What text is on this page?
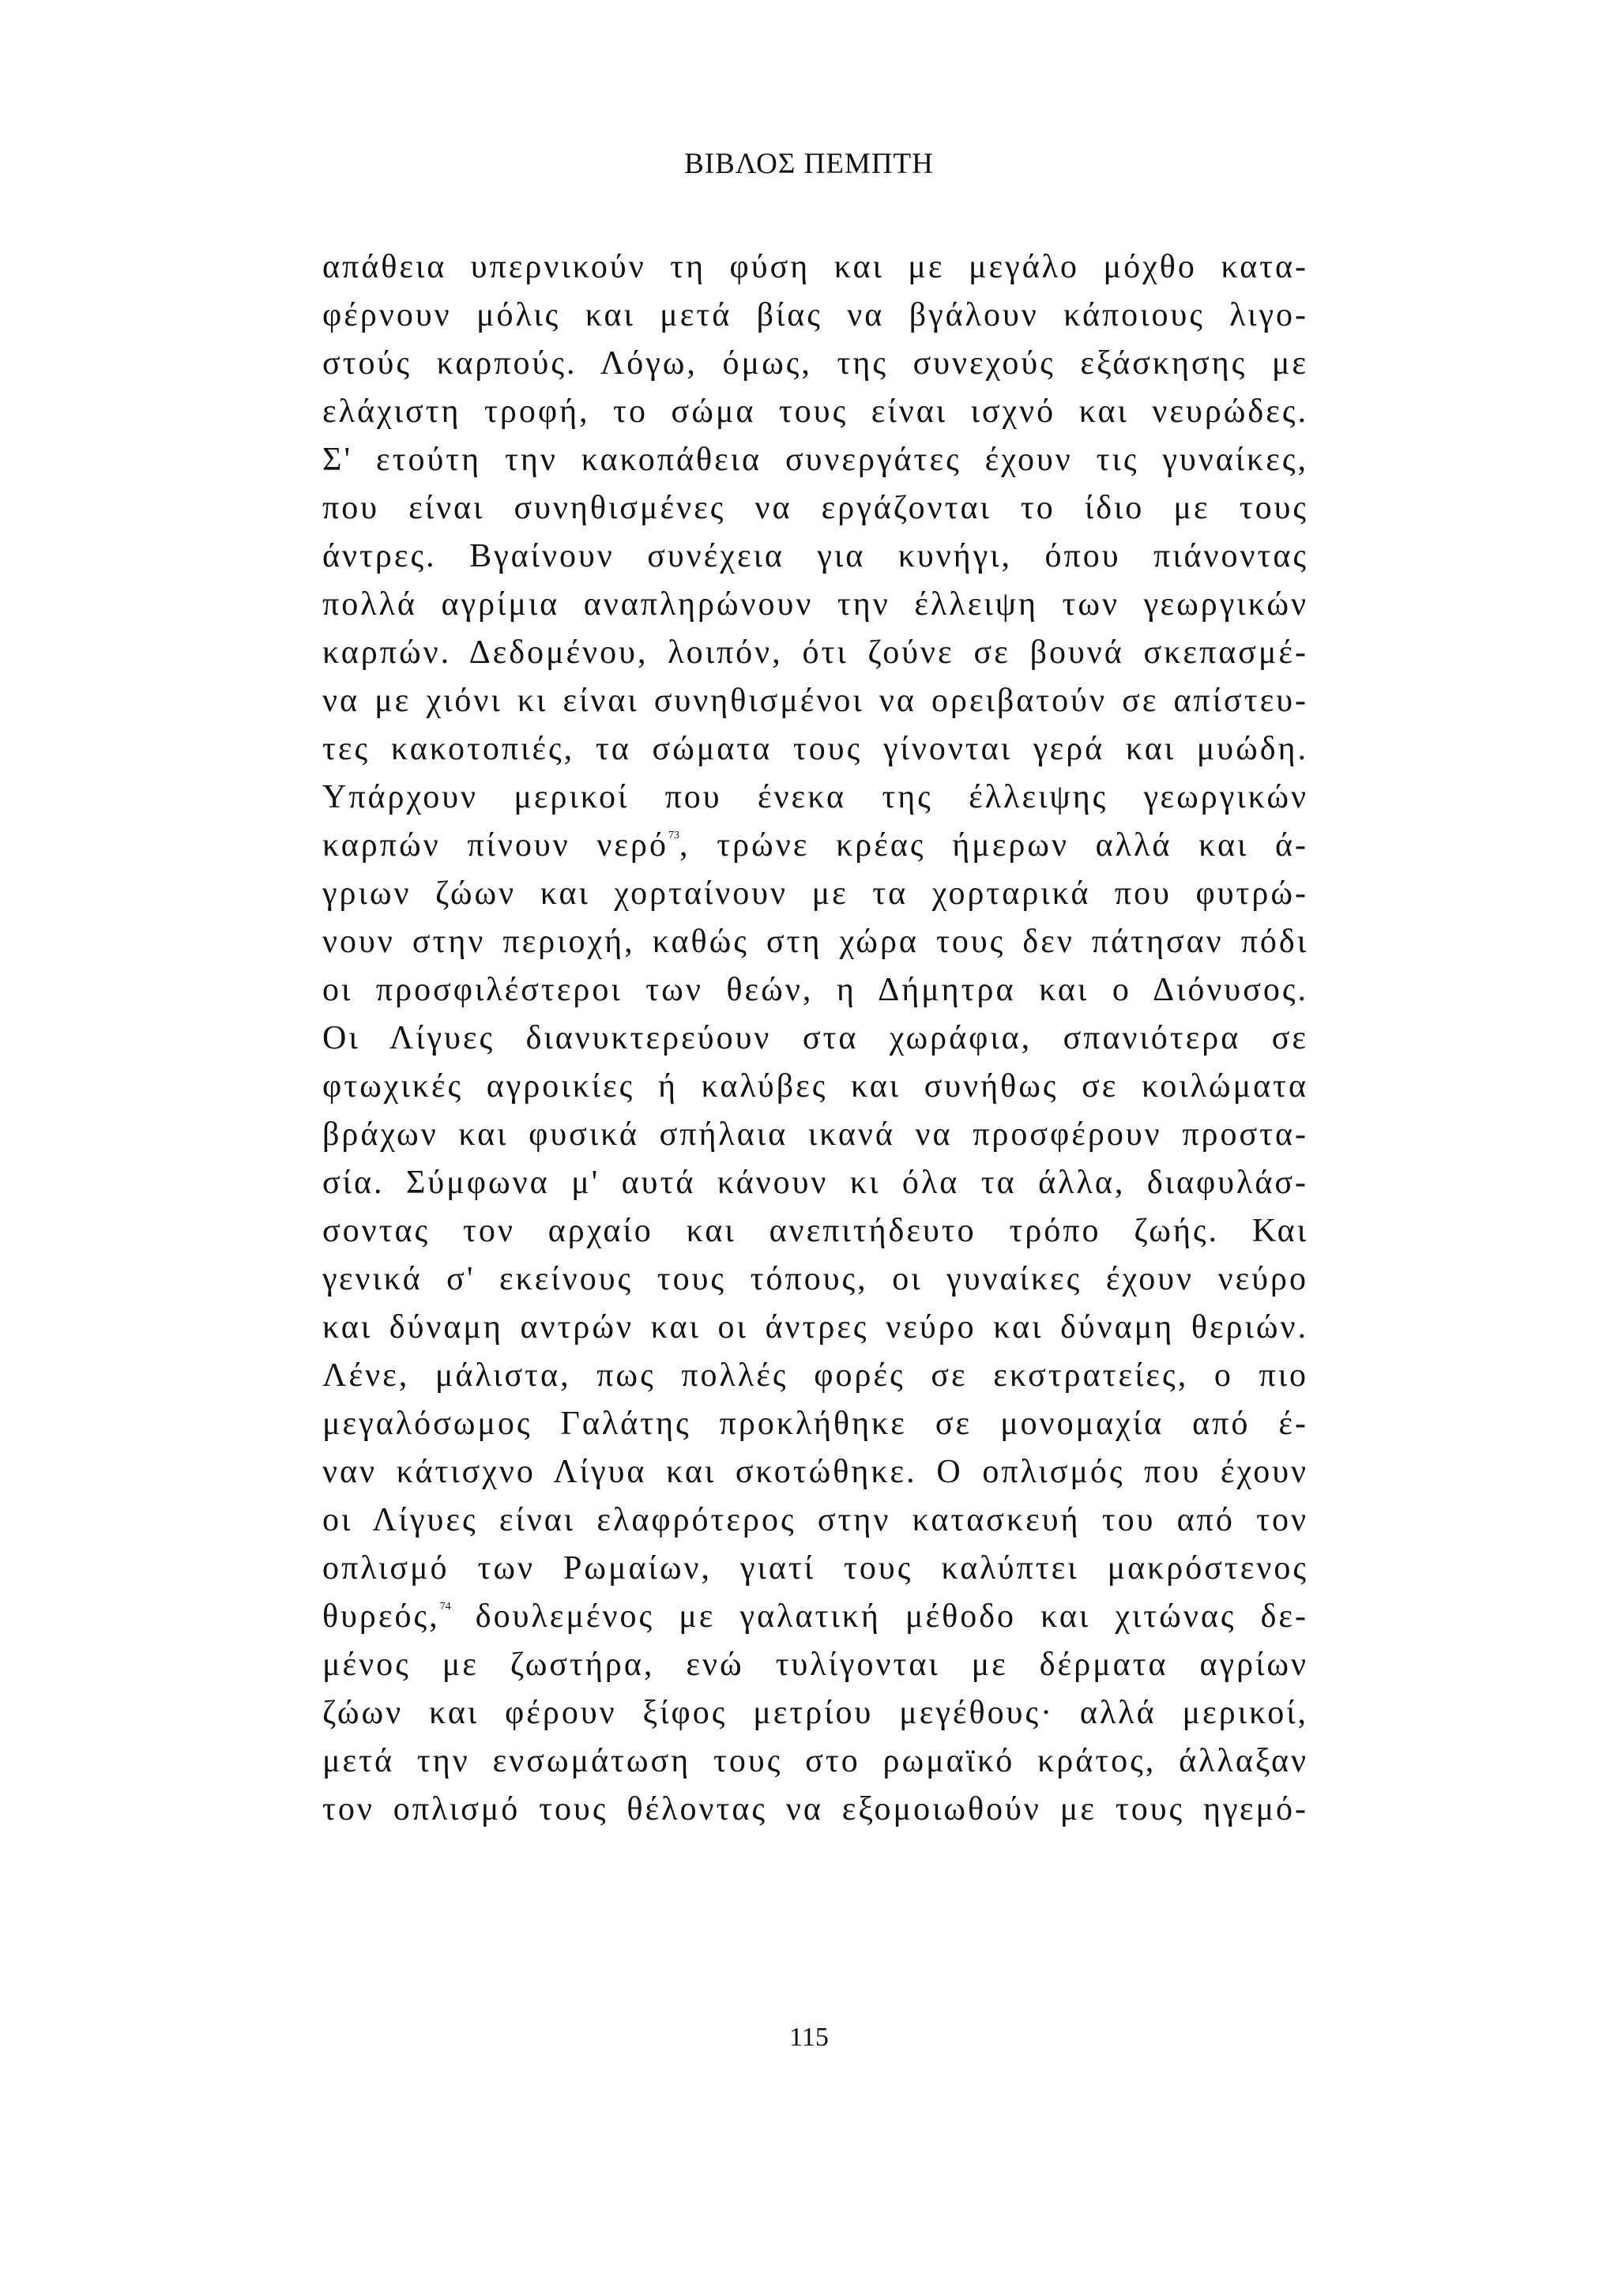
ΒΙΒΛΟΣ ΠΕΜΠΤΗ
απάθεια υπερνικούν τη φύση και με μεγάλο μόχθο κατα-
φέρνουν μόλις και μετά βίας να βγάλουν κάποιους λιγο-
στούς καρπούς. Λόγω, όμως, της συνεχούς εξάσκησης με
ελάχιστη τροφή, το σώμα τους είναι ισχνό και νευρώδες.
Σ' ετούτη την κακοπάθεια συνεργάτες έχουν τις γυναίκες,
που είναι συνηθισμένες να εργάζονται το ίδιο με τους
άντρες. Βγαίνουν συνέχεια για κυνήγι, όπου πιάνοντας
πολλά αγρίμια αναπληρώνουν την έλλειψη των γεωργικών
καρπών. Δεδομένου, λοιπόν, ότι ζούνε σε βουνά σκεπασμέ-
να με χιόνι κι είναι συνηθισμένοι να ορειβατούν σε απίστευ-
τες κακοτοπιές, τα σώματα τους γίνονται γερά και μυώδη.
Υπάρχουν μερικοί που ένεκα της έλλειψης γεωργικών
καρπών πίνουν νερό$^{73}$, τρώνε κρέας ήμερων αλλά και ά-
γριων ζώων και χορταίνουν με τα χορταρικά που φυτρώ-
νουν στην περιοχή, καθώς στη χώρα τους δεν πάτησαν πόδι
οι προσφιλέστεροι των θεών, η Δήμητρα και ο Διόνυσος.
Οι Λίγυες διανυκτερεύουν στα χωράφια, σπανιότερα σε
φτωχικές αγροικίες ή καλύβες και συνήθως σε κοιλώματα
βράχων και φυσικά σπήλαια ικανά να προσφέρουν προστα-
σία. Σύμφωνα μ' αυτά κάνουν κι όλα τα άλλα, διαφυλάσ-
σοντας τον αρχαίο και ανεπιτήδευτο τρόπο ζωής. Και
γενικά σ' εκείνους τους τόπους, οι γυναίκες έχουν νεύρο
και δύναμη αντρών και οι άντρες νεύρο και δύναμη θεριών.
Λένε, μάλιστα, πως πολλές φορές σε εκστρατείες, ο πιο
μεγαλόσωμος Γαλάτης προκλήθηκε σε μονομαχία από έ-
ναν κάτισχνο Λίγυα και σκοτώθηκε. Ο οπλισμός που έχουν
οι Λίγυες είναι ελαφρότερος στην κατασκευή του από τον
οπλισμό των Ρωμαίων, γιατί τους καλύπτει μακρόστενος
θυρεός,$^{74}$ δουλεμένος με γαλατική μέθοδο και χιτώνας δε-
μένος με ζωστήρα, ενώ τυλίγονται με δέρματα αγρίων
ζώων και φέρουν ξίφος μετρίου μεγέθους· αλλά μερικοί,
μετά την ενσωμάτωση τους στο ρωμαϊκό κράτος, άλλαξαν
τον οπλισμό τους θέλοντας να εξομοιωθούν με τους ηγεμό-
115
